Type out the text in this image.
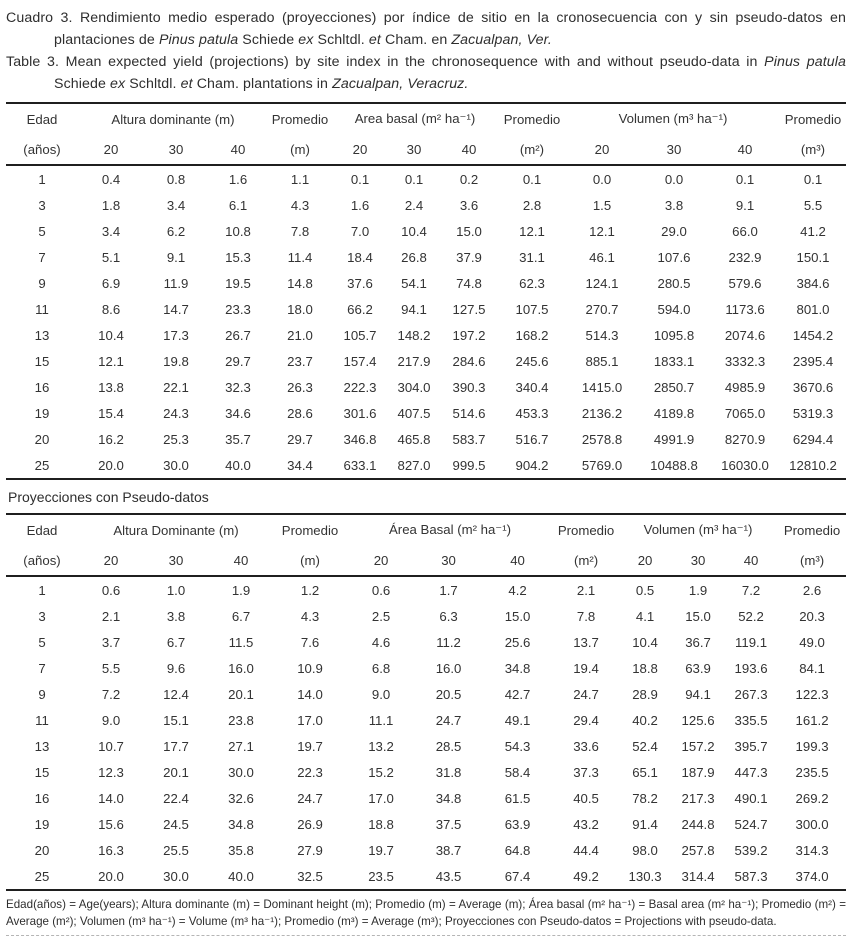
Cuadro 3. Rendimiento medio esperado (proyecciones) por índice de sitio en la cronosecuencia con y sin pseudo-datos en plantaciones de Pinus patula Schiede ex Schltdl. et Cham. en Zacualpan, Ver.
Table 3. Mean expected yield (projections) by site index in the chronosequence with and without pseudo-data in Pinus patula Schiede ex Schltdl. et Cham. plantations in Zacualpan, Veracruz.
Edad	Altura dominante (m)			Promedio	Area basal (m² ha⁻¹)			Promedio	Volumen (m³ ha⁻¹)			Promedio
(años)	20	30	40	(m)	20	30	40	(m²)	20	30	40	(m³)
1	0.4	0.8	1.6	1.1	0.1	0.1	0.2	0.1	0.0	0.0	0.1	0.1
3	1.8	3.4	6.1	4.3	1.6	2.4	3.6	2.8	1.5	3.8	9.1	5.5
5	3.4	6.2	10.8	7.8	7.0	10.4	15.0	12.1	12.1	29.0	66.0	41.2
7	5.1	9.1	15.3	11.4	18.4	26.8	37.9	31.1	46.1	107.6	232.9	150.1
9	6.9	11.9	19.5	14.8	37.6	54.1	74.8	62.3	124.1	280.5	579.6	384.6
11	8.6	14.7	23.3	18.0	66.2	94.1	127.5	107.5	270.7	594.0	1173.6	801.0
13	10.4	17.3	26.7	21.0	105.7	148.2	197.2	168.2	514.3	1095.8	2074.6	1454.2
15	12.1	19.8	29.7	23.7	157.4	217.9	284.6	245.6	885.1	1833.1	3332.3	2395.4
16	13.8	22.1	32.3	26.3	222.3	304.0	390.3	340.4	1415.0	2850.7	4985.9	3670.6
19	15.4	24.3	34.6	28.6	301.6	407.5	514.6	453.3	2136.2	4189.8	7065.0	5319.3
20	16.2	25.3	35.7	29.7	346.8	465.8	583.7	516.7	2578.8	4991.9	8270.9	6294.4
25	20.0	30.0	40.0	34.4	633.1	827.0	999.5	904.2	5769.0	10488.8	16030.0	12810.2
Proyecciones con Pseudo-datos
Edad	Altura Dominante (m)			Promedio	Área Basal (m² ha⁻¹)			Promedio	Volumen (m³ ha⁻¹)			Promedio
(años)	20	30	40	(m)	20	30	40	(m²)	20	30	40	(m³)
1	0.6	1.0	1.9	1.2	0.6	1.7	4.2	2.1	0.5	1.9	7.2	2.6
3	2.1	3.8	6.7	4.3	2.5	6.3	15.0	7.8	4.1	15.0	52.2	20.3
5	3.7	6.7	11.5	7.6	4.6	11.2	25.6	13.7	10.4	36.7	119.1	49.0
7	5.5	9.6	16.0	10.9	6.8	16.0	34.8	19.4	18.8	63.9	193.6	84.1
9	7.2	12.4	20.1	14.0	9.0	20.5	42.7	24.7	28.9	94.1	267.3	122.3
11	9.0	15.1	23.8	17.0	11.1	24.7	49.1	29.4	40.2	125.6	335.5	161.2
13	10.7	17.7	27.1	19.7	13.2	28.5	54.3	33.6	52.4	157.2	395.7	199.3
15	12.3	20.1	30.0	22.3	15.2	31.8	58.4	37.3	65.1	187.9	447.3	235.5
16	14.0	22.4	32.6	24.7	17.0	34.8	61.5	40.5	78.2	217.3	490.1	269.2
19	15.6	24.5	34.8	26.9	18.8	37.5	63.9	43.2	91.4	244.8	524.7	300.0
20	16.3	25.5	35.8	27.9	19.7	38.7	64.8	44.4	98.0	257.8	539.2	314.3
25	20.0	30.0	40.0	32.5	23.5	43.5	67.4	49.2	130.3	314.4	587.3	374.0
Edad(años) = Age(years); Altura dominante (m) = Dominant height (m); Promedio (m) = Average (m); Área basal (m² ha⁻¹) = Basal area (m² ha⁻¹); Promedio (m²) = Average (m²); Volumen (m³ ha⁻¹) = Volume (m³ ha⁻¹); Promedio (m³) = Average (m³); Proyecciones con Pseudo-datos = Projections with pseudo-data.
